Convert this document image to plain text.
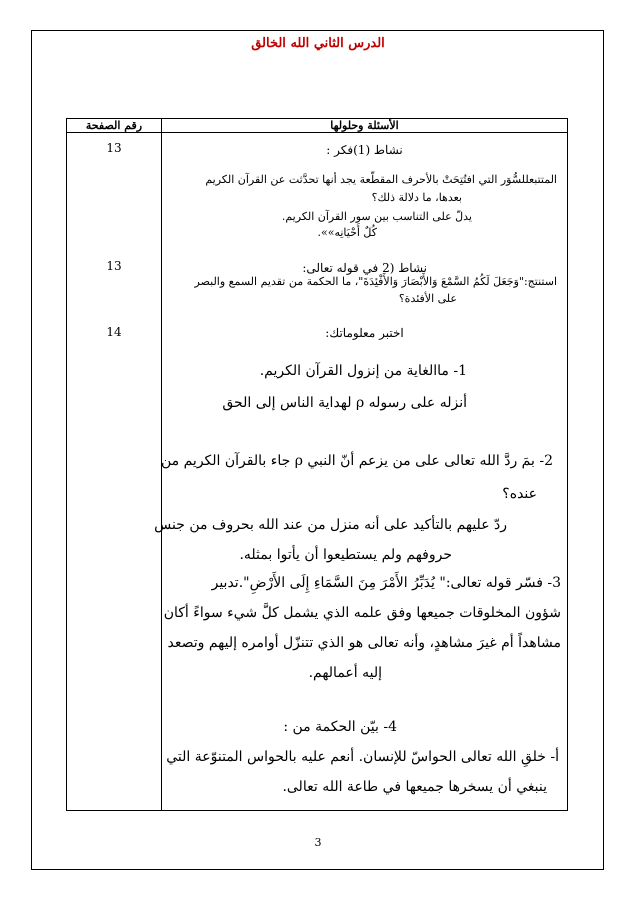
الدرس الثاني الله الخالق
رقم الصفحة	الأسئلة وحلولها
13	نشاط (1)فكر :
المتتبعللسُّوَر التي افتُتِحَتْ بالأحرف المقطّعة يجد أنها تحدَّثت عن القرآن الكريم
بعدها، ما دلالة ذلك؟
يدلّ على التناسب بين سور القرآن الكريم.
كُلٌ أَحْيَانِه»».
13	نشاط (2 في قوله تعالى:
استنتج:"وَجَعَلَ لَكُمُ السَّمْعَ وَالأَبْصَارَ وَالأَفْئِدَةَ"، ما الحكمة من تقديم السمع والبصر
على الأفئدة؟
14	اختبر معلوماتك:
1- ماالغاية من إنزول القرآن الكريم.
أنزله على رسوله ρ لهداية الناس إلى الحق
2- بمَ ردَّ الله تعالى على من يزعم أنّ النبي ρ جاء بالقرآن الكريم من
عنده؟
ردّ عليهم بالتأكيد على أنه منزل من عند الله بحروف من جنس
حروفهم ولم يستطيعوا أن يأتوا بمثله.
3- فسّر قوله تعالى:" يُدَبِّرُ الأَمْرَ مِنَ السَّمَاءِ إِلَى الأَرْضِ".تدبير
شؤون المخلوقات جميعها وفق علمه الذي يشمل كلَّ شيء سواءً أكان
مشاهداً أم غيرَ مشاهدٍ، وأنه تعالى هو الذي تتنزّل أوامره إليهم وتصعد
إليه أعمالهم.
4- بيّن الحكمة من :
أ- خلقِ الله تعالى الحواسّ للإنسان. أنعم عليه بالحواس المتنوّعة التي
ينبغي أن يسخرها جميعها في طاعة الله تعالى.
3
